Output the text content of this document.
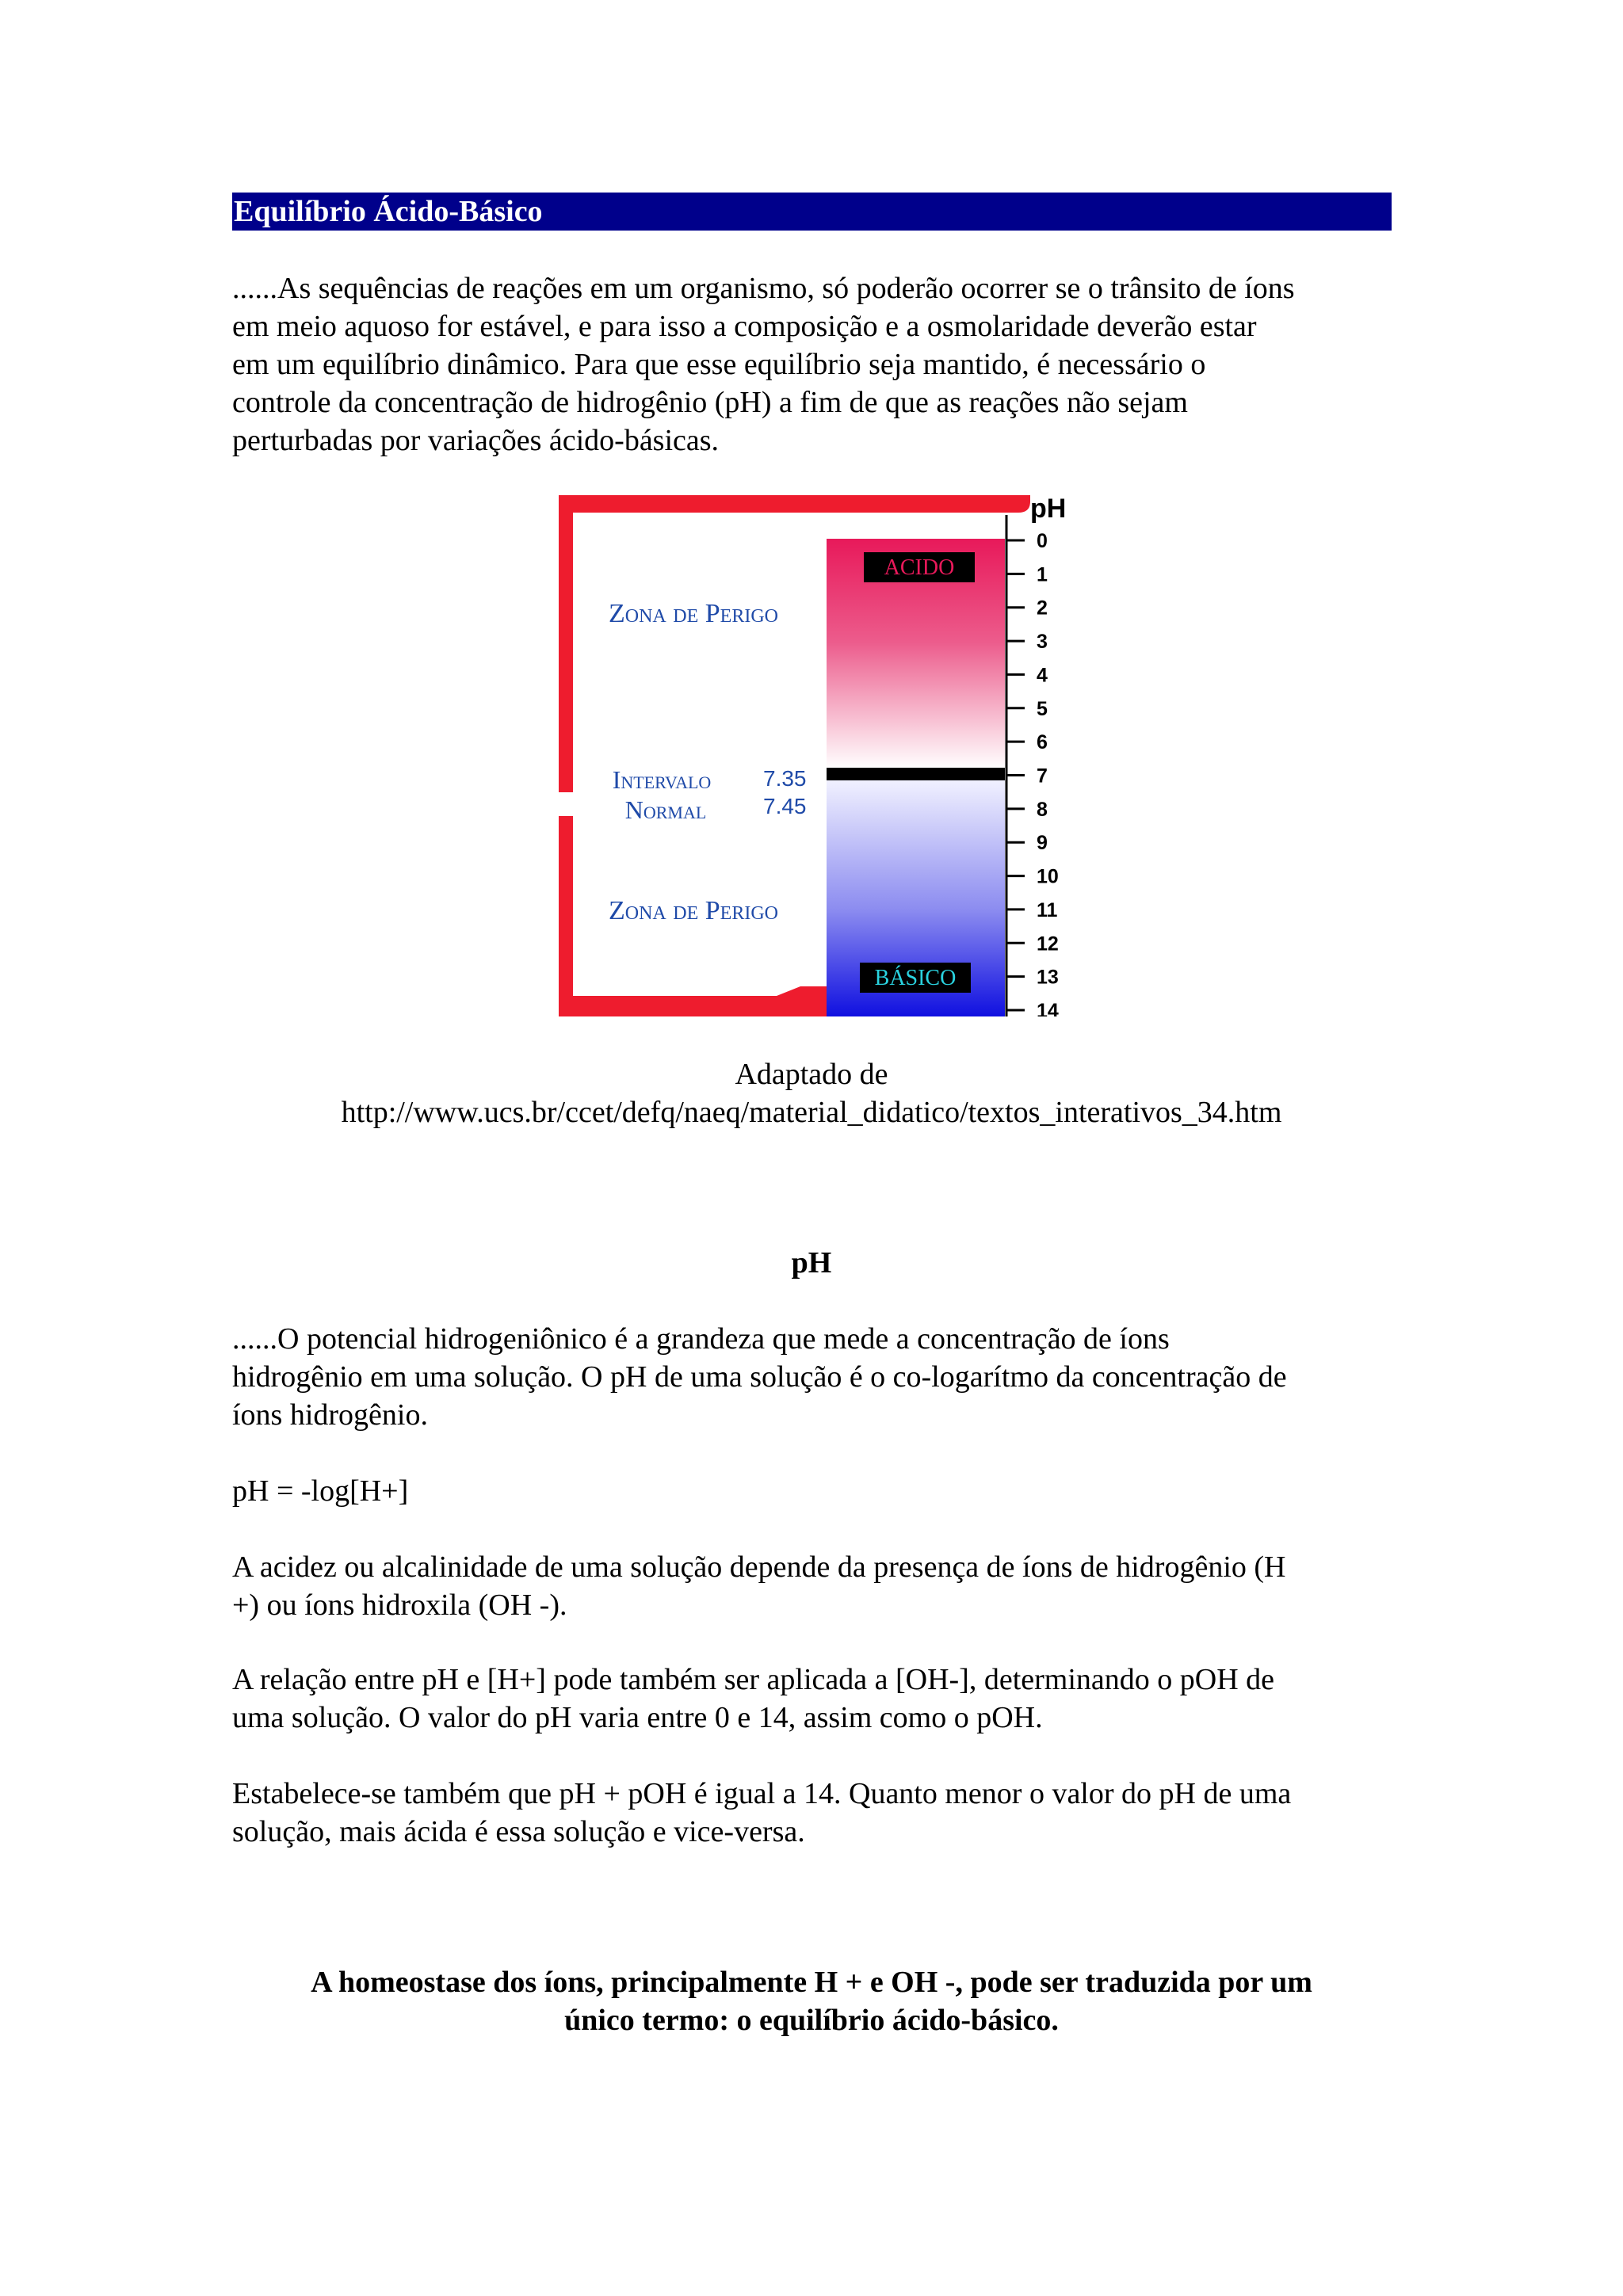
Equilíbrio Ácido-Básico

......As sequências de reações em um organismo, só poderão ocorrer se o trânsito de íons

em meio aquoso for estável, e para isso a composição e a osmolaridade deverão estar

em um equilíbrio dinâmico. Para que esse equilíbrio seja mantido, é necessário o

controle da concentração de hidrogênio (pH) a fim de que as reações não sejam

perturbadas por variações ácido-básicas.

ACIDO
BÁSICO
Zona de Perigo
Intervalo
Normal
7.35
7.45
Zona de Perigo
pH
0
1
2
3
4
5
6
7
8
9
10
11
12
13
14

Adaptado de

http://www.ucs.br/ccet/defq/naeq/material_didatico/textos_interativos_34.htm

pH

......O potencial hidrogeniônico é a grandeza que mede a concentração de íons

hidrogênio em uma solução. O pH de uma solução é o co-logarítmo da concentração de

íons hidrogênio.

pH = -log[H+]

A acidez ou alcalinidade de uma solução depende da presença de íons de hidrogênio (H

+) ou íons hidroxila (OH -).

A relação entre pH e [H+] pode também ser aplicada a [OH-], determinando o pOH de

uma solução. O valor do pH varia entre 0 e 14, assim como o pOH.

Estabelece-se também que pH + pOH é igual a 14. Quanto menor o valor do pH de uma

solução, mais ácida é essa solução e vice-versa.

A homeostase dos íons, principalmente H + e OH -, pode ser traduzida por um

único termo: o equilíbrio ácido-básico.
